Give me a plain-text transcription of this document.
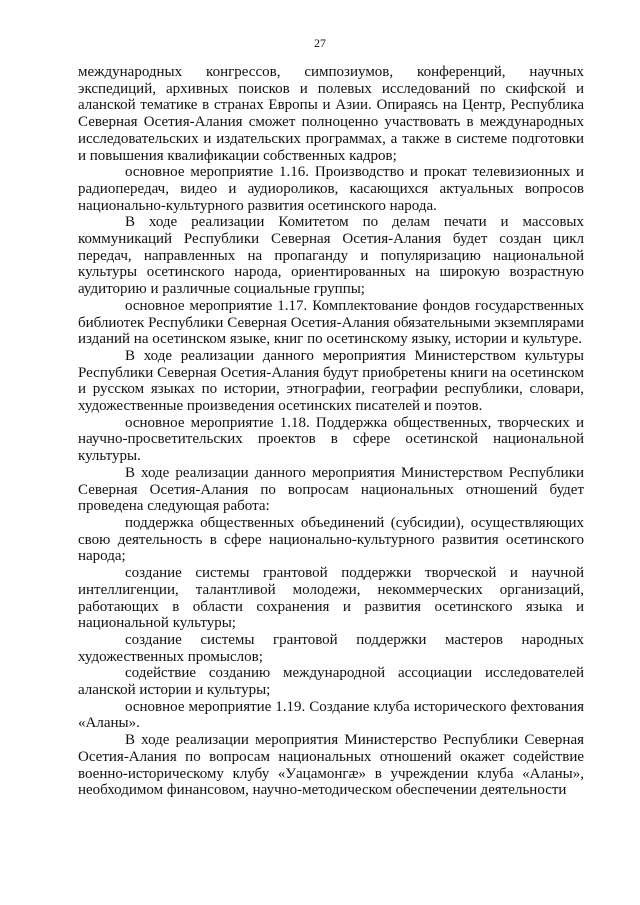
27

международных конгрессов, симпозиумов, конференций, научных экспедиций, архивных поисков и полевых исследований по скифской и аланской тематике в странах Европы и Азии. Опираясь на Центр, Республика Северная Осетия-Алания сможет полноценно участвовать в международных исследовательских и издательских программах, а также в системе подготовки и повышения квалификации собственных кадров;

основное мероприятие 1.16. Производство и прокат телевизионных и радиопередач, видео и аудиороликов, касающихся актуальных вопросов национально-культурного развития осетинского народа.

В ходе реализации Комитетом по делам печати и массовых коммуникаций Республики Северная Осетия-Алания будет создан цикл передач, направленных на пропаганду и популяризацию национальной культуры осетинского народа, ориентированных на широкую возрастную аудиторию и различные социальные группы;

основное мероприятие 1.17. Комплектование фондов государственных библиотек Республики Северная Осетия-Алания обязательными экземплярами изданий на осетинском языке, книг по осетинскому языку, истории и культуре.

В ходе реализации данного мероприятия Министерством культуры Республики Северная Осетия-Алания будут приобретены книги на осетинском и русском языках по истории, этнографии, географии республики, словари, художественные произведения осетинских писателей и поэтов.

основное мероприятие 1.18. Поддержка общественных, творческих и научно-просветительских проектов в сфере осетинской национальной культуры.

В ходе реализации данного мероприятия Министерством Республики Северная Осетия-Алания по вопросам национальных отношений будет проведена следующая работа:

поддержка общественных объединений (субсидии), осуществляющих свою деятельность в сфере национально-культурного развития осетинского народа;

создание системы грантовой поддержки творческой и научной интеллигенции, талантливой молодежи, некоммерческих организаций, работающих в области сохранения и развития осетинского языка и национальной культуры;

создание системы грантовой поддержки мастеров народных художественных промыслов;

содействие созданию международной ассоциации исследователей аланской истории и культуры;

основное мероприятие 1.19. Создание клуба исторического фехтования «Аланы».

В ходе реализации мероприятия Министерство Республики Северная Осетия-Алания по вопросам национальных отношений окажет содействие военно-историческому клубу «Уацамонгæ» в учреждении клуба «Аланы», необходимом финансовом, научно-методическом обеспечении деятельности
